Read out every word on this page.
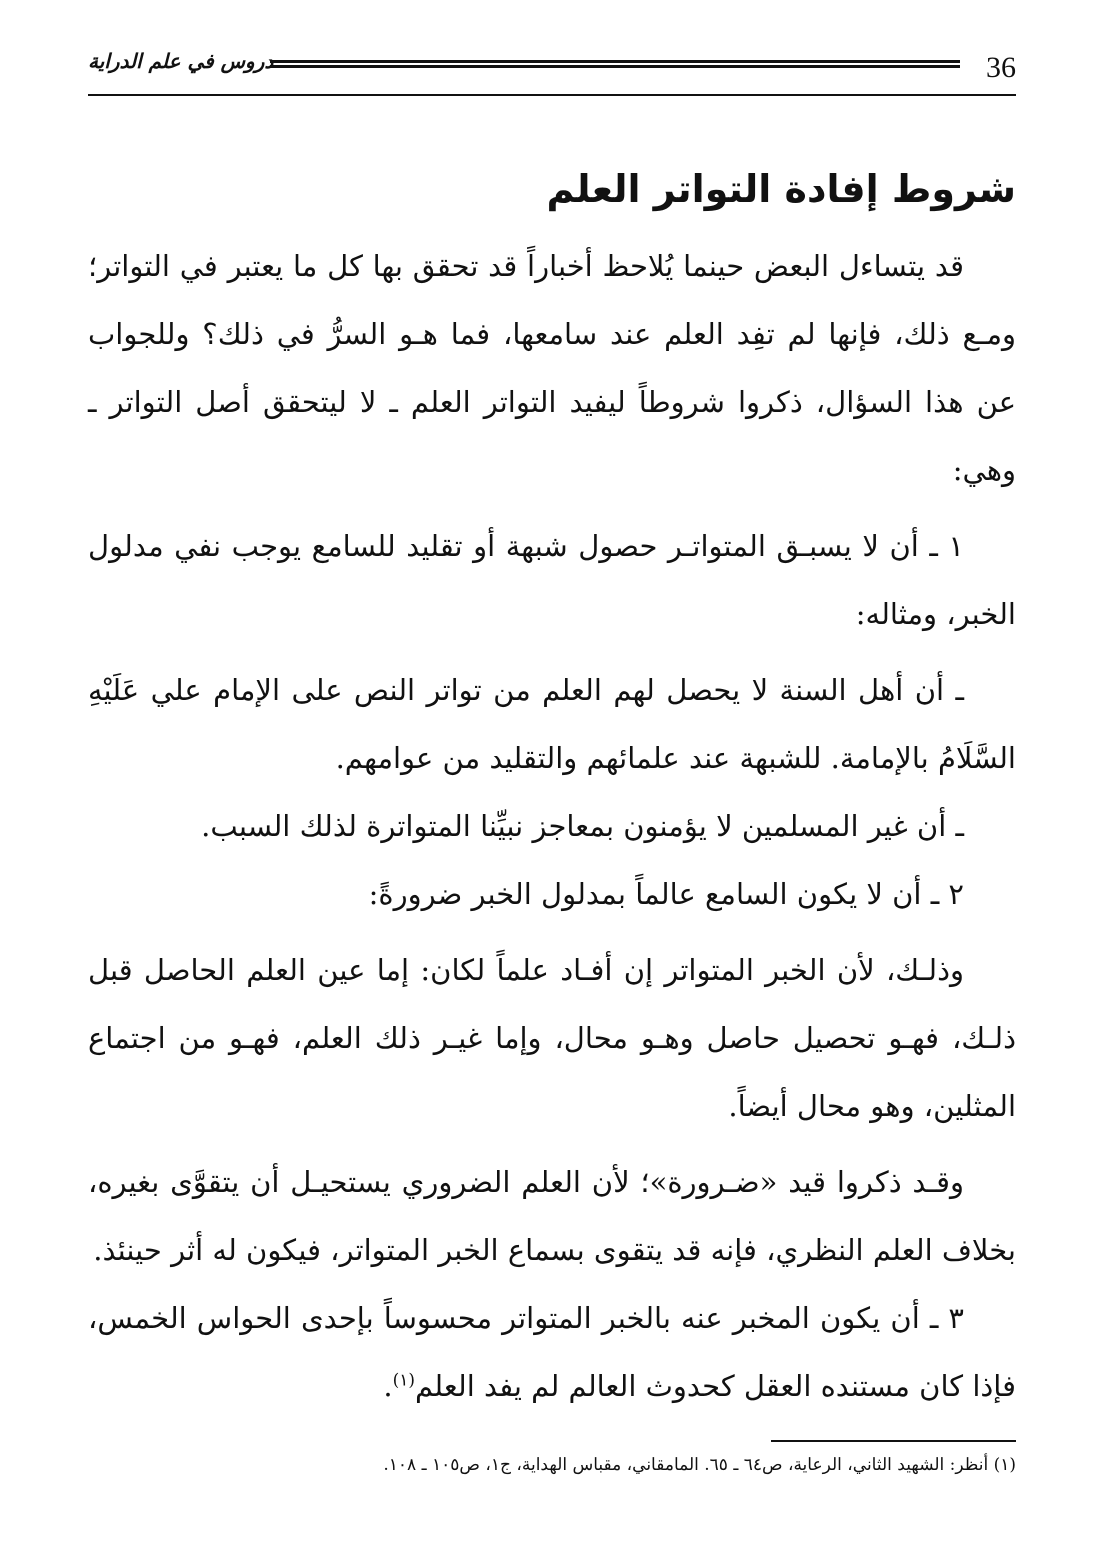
دروس في علم الدراية	36
شروط إفادة التواتر العلم

قد يتساءل البعض حينما يُلاحظ أخباراً قد تحقق بها كل ما يعتبر في التواتر؛ ومـع ذلك، فإنها لم تفِد العلم عند سامعها، فما هـو السرُّ في ذلك؟ وللجواب عن هذا السؤال، ذكروا شروطاً ليفيد التواتر العلم ـ لا ليتحقق أصل التواتر ـ وهي:

١ ـ أن لا يسبـق المتواتـر حصول شبهة أو تقليد للسامع يوجب نفي مدلول الخبر، ومثاله:

ـ أن أهل السنة لا يحصل لهم العلم من تواتر النص على الإمام علي عَلَيْهِ السَّلَامُ بالإمامة. للشبهة عند علمائهم والتقليد من عوامهم.

ـ أن غير المسلمين لا يؤمنون بمعاجز نبيِّنا المتواترة لذلك السبب.

٢ ـ أن لا يكون السامع عالماً بمدلول الخبر ضرورةً:

وذلـك، لأن الخبر المتواتر إن أفـاد علماً لكان: إما عين العلم الحاصل قبل ذلـك، فهـو تحصيل حاصل وهـو محال، وإما غيـر ذلك العلم، فهـو من اجتماع المثلين، وهو محال أيضاً.

وقـد ذكروا قيد «ضـرورة»؛ لأن العلم الضروري يستحيـل أن يتقوَّى بغيره، بخلاف العلم النظري، فإنه قد يتقوى بسماع الخبر المتواتر، فيكون له أثر حينئذ.

٣ ـ أن يكون المخبر عنه بالخبر المتواتر محسوساً بإحدى الحواس الخمس، فإذا كان مستنده العقل كحدوث العالم لم يفد العلم$^{(١)}$.

(١) أنظر: الشهيد الثاني، الرعاية، ص٦٤ ـ ٦٥. المامقاني، مقباس الهداية، ج١، ص١٠٥ ـ ١٠٨.
